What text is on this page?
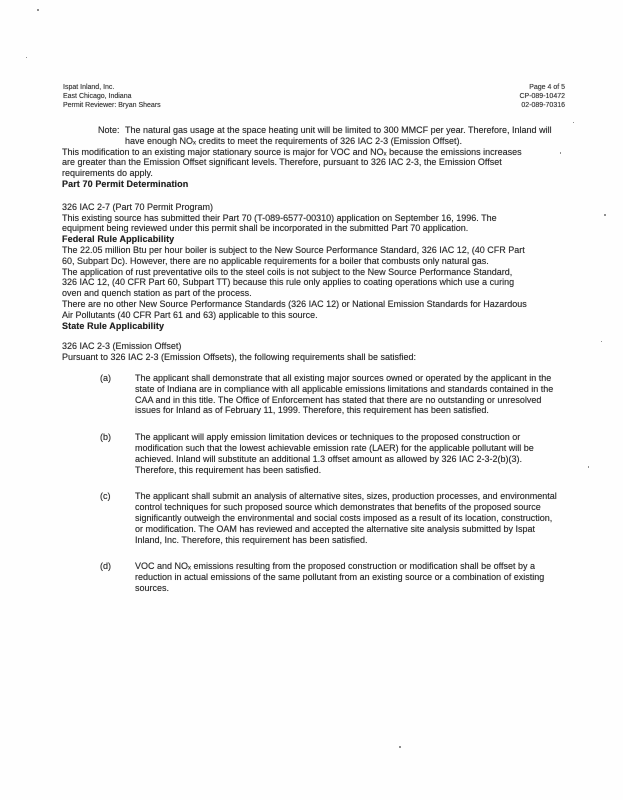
Ispat Inland, Inc.
East Chicago, Indiana
Permit Reviewer: Bryan Shears
Page 4 of 5
CP-089-10472
02-089-70316
Note: The natural gas usage at the space heating unit will be limited to 300 MMCF per year. Therefore, Inland will have enough NOₓ credits to meet the requirements of 326 IAC 2-3 (Emission Offset).

This modification to an existing major stationary source is major for VOC and NOₓ because the emissions increases are greater than the Emission Offset significant levels. Therefore, pursuant to 326 IAC 2-3, the Emission Offset requirements do apply.

Part 70 Permit Determination
326 IAC 2-7 (Part 70 Permit Program)

This existing source has submitted their Part 70 (T-089-6577-00310) application on September 16, 1996. The equipment being reviewed under this permit shall be incorporated in the submitted Part 70 application.

Federal Rule Applicability

The 22.05 million Btu per hour boiler is subject to the New Source Performance Standard, 326 IAC 12, (40 CFR Part 60, Subpart Dc). However, there are no applicable requirements for a boiler that combusts only natural gas.

The application of rust preventative oils to the steel coils is not subject to the New Source Performance Standard, 326 IAC 12, (40 CFR Part 60, Subpart TT) because this rule only applies to coating operations which use a curing oven and quench station as part of the process.

There are no other New Source Performance Standards (326 IAC 12) or National Emission Standards for Hazardous Air Pollutants (40 CFR Part 61 and 63) applicable to this source.

State Rule Applicability
326 IAC 2-3 (Emission Offset)

Pursuant to 326 IAC 2-3 (Emission Offsets), the following requirements shall be satisfied:

(a)	The applicant shall demonstrate that all existing major sources owned or operated by the applicant in the state of Indiana are in compliance with all applicable emissions limitations and standards contained in the CAA and in this title. The Office of Enforcement has stated that there are no outstanding or unresolved issues for Inland as of February 11, 1999. Therefore, this requirement has been satisfied.

(b)	The applicant will apply emission limitation devices or techniques to the proposed construction or modification such that the lowest achievable emission rate (LAER) for the applicable pollutant will be achieved. Inland will substitute an additional 1.3 offset amount as allowed by 326 IAC 2-3-2(b)(3). Therefore, this requirement has been satisfied.

(c)	The applicant shall submit an analysis of alternative sites, sizes, production processes, and environmental control techniques for such proposed source which demonstrates that benefits of the proposed source significantly outweigh the environmental and social costs imposed as a result of its location, construction, or modification. The OAM has reviewed and accepted the alternative site analysis submitted by Ispat Inland, Inc. Therefore, this requirement has been satisfied.

(d)	VOC and NOₓ emissions resulting from the proposed construction or modification shall be offset by a reduction in actual emissions of the same pollutant from an existing source or a combination of existing sources.
